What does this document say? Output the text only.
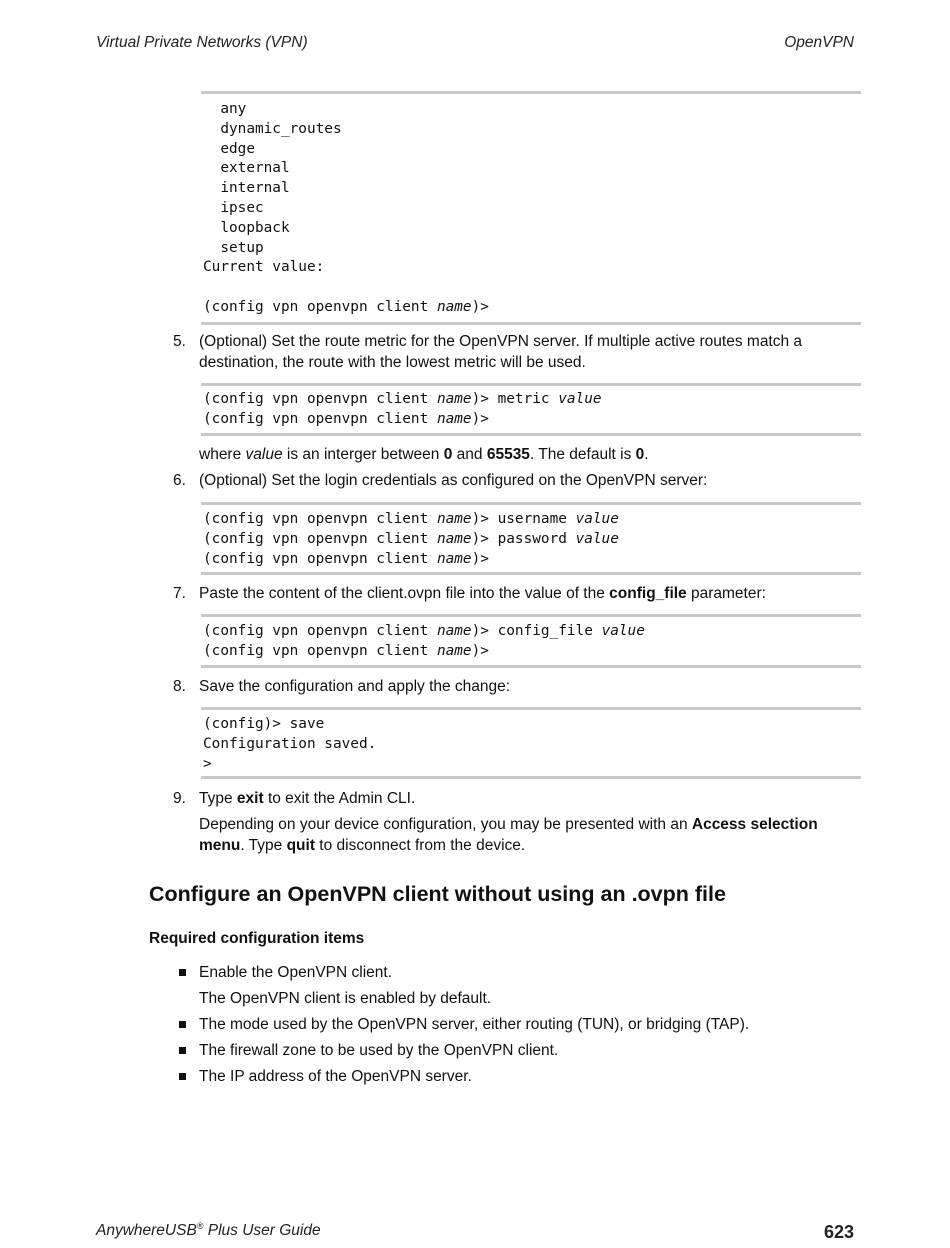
Virtual Private Networks (VPN)	OpenVPN
any
dynamic_routes
edge
external
internal
ipsec
loopback
setup
Current value:
(config vpn openvpn client name)>
5. (Optional) Set the route metric for the OpenVPN server. If multiple active routes match a destination, the route with the lowest metric will be used.
(config vpn openvpn client name)> metric value
(config vpn openvpn client name)>
where value is an interger between 0 and 65535. The default is 0.
6. (Optional) Set the login credentials as configured on the OpenVPN server:
(config vpn openvpn client name)> username value
(config vpn openvpn client name)> password value
(config vpn openvpn client name)>
7. Paste the content of the client.ovpn file into the value of the config_file parameter:
(config vpn openvpn client name)> config_file value
(config vpn openvpn client name)>
8. Save the configuration and apply the change:
(config)> save
Configuration saved.
>
9. Type exit to exit the Admin CLI.
Depending on your device configuration, you may be presented with an Access selection menu. Type quit to disconnect from the device.
Configure an OpenVPN client without using an .ovpn file
Required configuration items
Enable the OpenVPN client.
The OpenVPN client is enabled by default.
The mode used by the OpenVPN server, either routing (TUN), or bridging (TAP).
The firewall zone to be used by the OpenVPN client.
The IP address of the OpenVPN server.
AnywhereUSB® Plus User Guide	623
